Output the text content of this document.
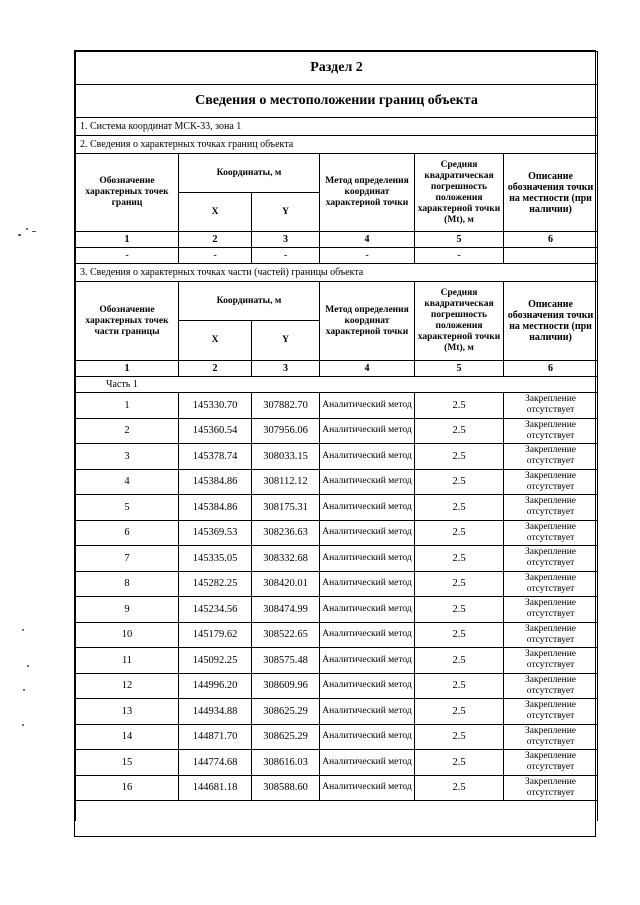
Раздел 2					
Сведения о местоположении границ объекта					
1. Система координат МСК-33, зона 1					
2. Сведения о характерных точках границ объекта					
Обозначение характерных точек границ	Координаты, м		Метод определения координат характерной точки	Средняя квадратическая погрешность положения характерной точки (Mt), м	Описание обозначения точки на местности (при наличии)
	X	Y			
1	2	3	4	5	6
-	-	-	-	-	
3. Сведения о характерных точках части (частей) границы объекта					
Обозначение характерных точек части границы	Координаты, м		Метод определения координат характерной точки	Средняя квадратическая погрешность положения характерной точки (Mt), м	Описание обозначения точки на местности (при наличии)
	X	Y			
1	2	3	4	5	6
Часть 1					
1	145330.70	307882.70	Аналитический метод	2.5	Закрепление отсутствует
2	145360.54	307956.06	Аналитический метод	2.5	Закрепление отсутствует
3	145378.74	308033.15	Аналитический метод	2.5	Закрепление отсутствует
4	145384.86	308112.12	Аналитический метод	2.5	Закрепление отсутствует
5	145384.86	308175.31	Аналитический метод	2.5	Закрепление отсутствует
6	145369.53	308236.63	Аналитический метод	2.5	Закрепление отсутствует
7	145335.05	308332.68	Аналитический метод	2.5	Закрепление отсутствует
8	145282.25	308420.01	Аналитический метод	2.5	Закрепление отсутствует
9	145234.56	308474.99	Аналитический метод	2.5	Закрепление отсутствует
10	145179.62	308522.65	Аналитический метод	2.5	Закрепление отсутствует
11	145092.25	308575.48	Аналитический метод	2.5	Закрепление отсутствует
12	144996.20	308609.96	Аналитический метод	2.5	Закрепление отсутствует
13	144934.88	308625.29	Аналитический метод	2.5	Закрепление отсутствует
14	144871.70	308625.29	Аналитический метод	2.5	Закрепление отсутствует
15	144774.68	308616.03	Аналитический метод	2.5	Закрепление отсутствует
16	144681.18	308588.60	Аналитический метод	2.5	Закрепление отсутствует
